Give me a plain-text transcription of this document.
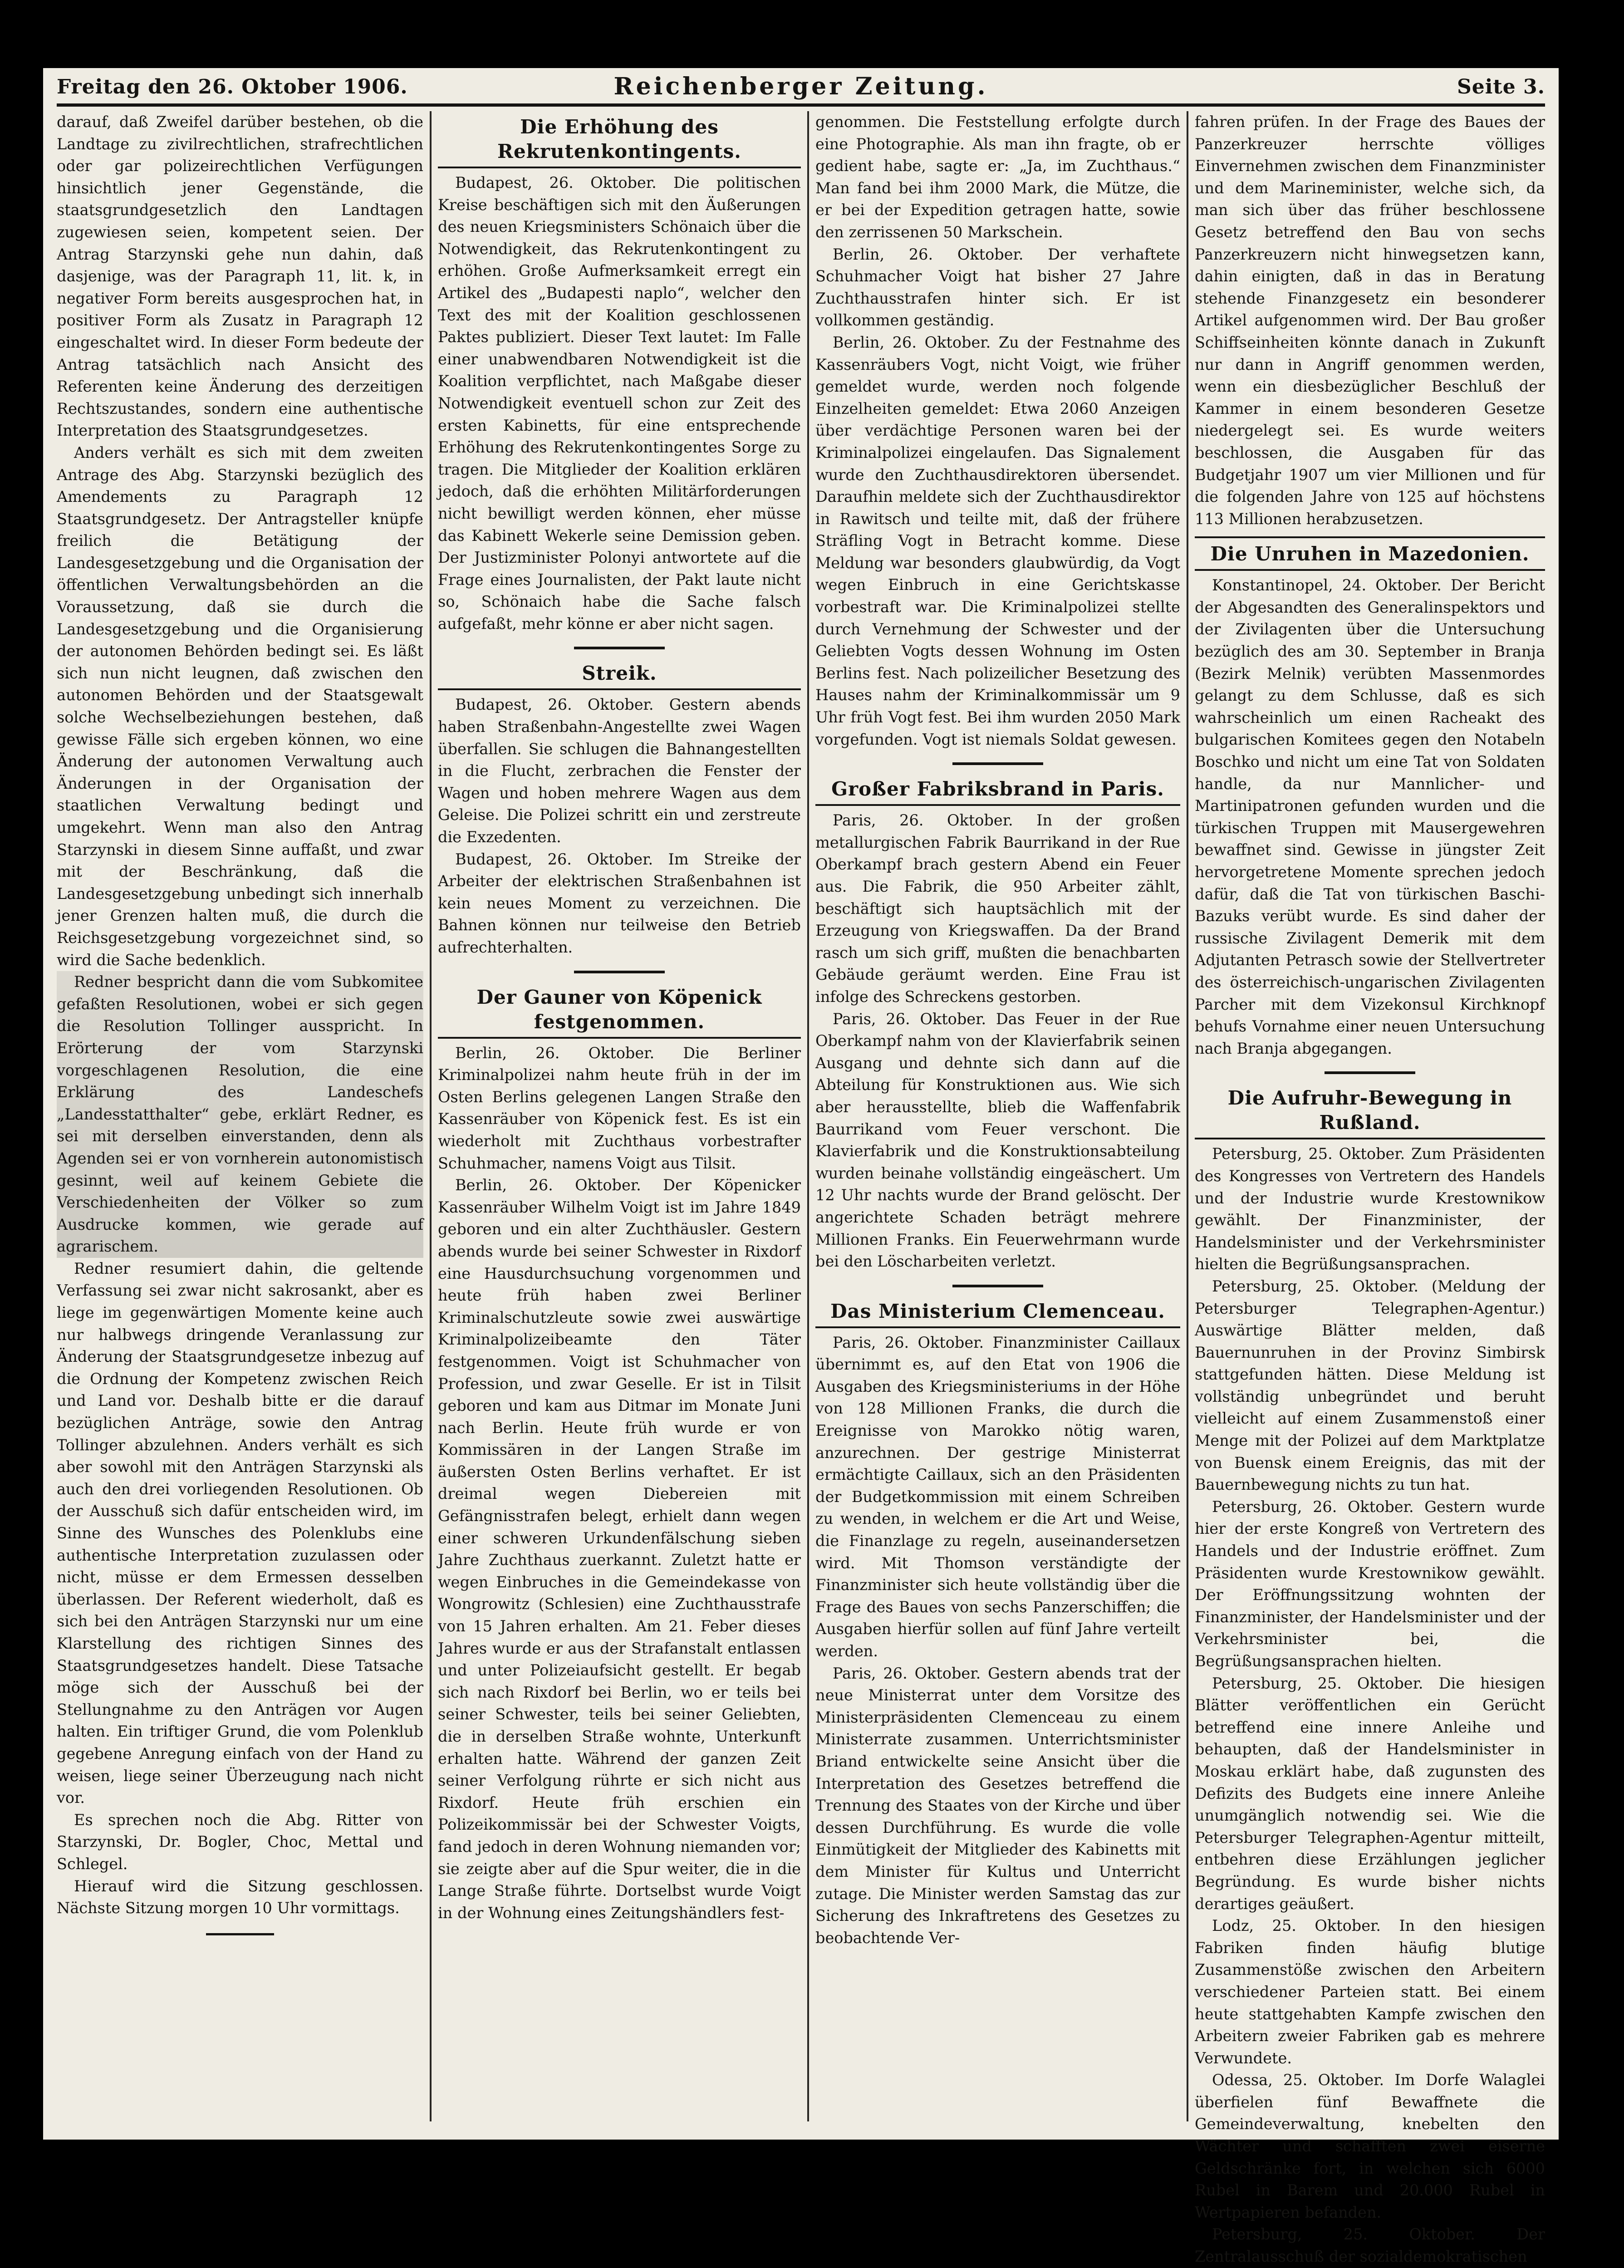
Freitag den 26. Oktober 1906.	Reichenberger Zeitung.	Seite 3.

darauf, daß Zweifel darüber bestehen, ob die Landtage zu zivilrechtlichen, strafrechtlichen oder gar polizeirechtlichen Verfügungen hinsichtlich jener Gegenstände, die staatsgrundgesetzlich den Landtagen zugewiesen seien, kompetent seien. Der Antrag Starzynski gehe nun dahin, daß dasjenige, was der Paragraph 11, lit. k, in negativer Form bereits ausgesprochen hat, in positiver Form als Zusatz in Paragraph 12 eingeschaltet wird. In dieser Form bedeute der Antrag tatsächlich nach Ansicht des Referenten keine Änderung des derzeitigen Rechtszustandes, sondern eine authentische Interpretation des Staatsgrundgesetzes.

Anders verhält es sich mit dem zweiten Antrage des Abg. Starzynski bezüglich des Amendements zu Paragraph 12 Staatsgrundgesetz. Der Antragsteller knüpfe freilich die Betätigung der Landesgesetzgebung und die Organisation der öffentlichen Verwaltungsbehörden an die Voraussetzung, daß sie durch die Landesgesetzgebung und die Organisierung der autonomen Behörden bedingt sei. Es läßt sich nun nicht leugnen, daß zwischen den autonomen Behörden und der Staatsgewalt solche Wechselbeziehungen bestehen, daß gewisse Fälle sich ergeben können, wo eine Änderung der autonomen Verwaltung auch Änderungen in der Organisation der staatlichen Verwaltung bedingt und umgekehrt. Wenn man also den Antrag Starzynski in diesem Sinne auffaßt, und zwar mit der Beschränkung, daß die Landesgesetzgebung unbedingt sich innerhalb jener Grenzen halten muß, die durch die Reichsgesetzgebung vorgezeichnet sind, so wird die Sache bedenklich.

Redner bespricht dann die vom Subkomitee gefaßten Resolutionen, wobei er sich gegen die Resolution Tollinger ausspricht. In Erörterung der vom Starzynski vorgeschlagenen Resolution, die eine Erklärung des Landeschefs „Landesstatthalter“ gebe, erklärt Redner, es sei mit derselben einverstanden, denn als Agenden sei er von vornherein autonomistisch gesinnt, weil auf keinem Gebiete die Verschiedenheiten der Völker so zum Ausdrucke kommen, wie gerade auf agrarischem.

Redner resumiert dahin, die geltende Verfassung sei zwar nicht sakrosankt, aber es liege im gegenwärtigen Momente keine auch nur halbwegs dringende Veranlassung zur Änderung der Staatsgrundgesetze inbezug auf die Ordnung der Kompetenz zwischen Reich und Land vor. Deshalb bitte er die darauf bezüglichen Anträge, sowie den Antrag Tollinger abzulehnen. Anders verhält es sich aber sowohl mit den Anträgen Starzynski als auch den drei vorliegenden Resolutionen. Ob der Ausschuß sich dafür entscheiden wird, im Sinne des Wunsches des Polenklubs eine authentische Interpretation zuzulassen oder nicht, müsse er dem Ermessen desselben überlassen. Der Referent wiederholt, daß es sich bei den Anträgen Starzynski nur um eine Klarstellung des richtigen Sinnes des Staatsgrundgesetzes handelt. Diese Tatsache möge sich der Ausschuß bei der Stellungnahme zu den Anträgen vor Augen halten. Ein triftiger Grund, die vom Polenklub gegebene Anregung einfach von der Hand zu weisen, liege seiner Überzeugung nach nicht vor.

Es sprechen noch die Abg. Ritter von Starzynski, Dr. Bogler, Choc, Mettal und Schlegel.

Hierauf wird die Sitzung geschlossen. Nächste Sitzung morgen 10 Uhr vormittags.

Die Erhöhung des Rekrutenkontingents.

Budapest, 26. Oktober. Die politischen Kreise beschäftigen sich mit den Äußerungen des neuen Kriegsministers Schönaich über die Notwendigkeit, das Rekrutenkontingent zu erhöhen. Große Aufmerksamkeit erregt ein Artikel des „Budapesti naplo“, welcher den Text des mit der Koalition geschlossenen Paktes publiziert. Dieser Text lautet: Im Falle einer unabwendbaren Notwendigkeit ist die Koalition verpflichtet, nach Maßgabe dieser Notwendigkeit eventuell schon zur Zeit des ersten Kabinetts, für eine entsprechende Erhöhung des Rekrutenkontingentes Sorge zu tragen. Die Mitglieder der Koalition erklären jedoch, daß die erhöhten Militärforderungen nicht bewilligt werden können, eher müsse das Kabinett Wekerle seine Demission geben. Der Justizminister Polonyi antwortete auf die Frage eines Journalisten, der Pakt laute nicht so, Schönaich habe die Sache falsch aufgefaßt, mehr könne er aber nicht sagen.

Streik.

Budapest, 26. Oktober. Gestern abends haben Straßenbahn-Angestellte zwei Wagen überfallen. Sie schlugen die Bahnangestellten in die Flucht, zerbrachen die Fenster der Wagen und hoben mehrere Wagen aus dem Geleise. Die Polizei schritt ein und zerstreute die Exzedenten.

Budapest, 26. Oktober. Im Streike der Arbeiter der elektrischen Straßenbahnen ist kein neues Moment zu verzeichnen. Die Bahnen können nur teilweise den Betrieb aufrechterhalten.

Der Gauner von Köpenick festgenommen.

Berlin, 26. Oktober. Die Berliner Kriminalpolizei nahm heute früh in der im Osten Berlins gelegenen Langen Straße den Kassenräuber von Köpenick fest. Es ist ein wiederholt mit Zuchthaus vorbestrafter Schuhmacher, namens Voigt aus Tilsit.

Berlin, 26. Oktober. Der Köpenicker Kassenräuber Wilhelm Voigt ist im Jahre 1849 geboren und ein alter Zuchthäusler. Gestern abends wurde bei seiner Schwester in Rixdorf eine Hausdurchsuchung vorgenommen und heute früh haben zwei Berliner Kriminalschutzleute sowie zwei auswärtige Kriminalpolizeibeamte den Täter festgenommen. Voigt ist Schuhmacher von Profession, und zwar Geselle. Er ist in Tilsit geboren und kam aus Ditmar im Monate Juni nach Berlin. Heute früh wurde er von Kommissären in der Langen Straße im äußersten Osten Berlins verhaftet. Er ist dreimal wegen Diebereien mit Gefängnisstrafen belegt, erhielt dann wegen einer schweren Urkundenfälschung sieben Jahre Zuchthaus zuerkannt. Zuletzt hatte er wegen Einbruches in die Gemeindekasse von Wongrowitz (Schlesien) eine Zuchthausstrafe von 15 Jahren erhalten. Am 21. Feber dieses Jahres wurde er aus der Strafanstalt entlassen und unter Polizeiaufsicht gestellt. Er begab sich nach Rixdorf bei Berlin, wo er teils bei seiner Schwester, teils bei seiner Geliebten, die in derselben Straße wohnte, Unterkunft erhalten hatte. Während der ganzen Zeit seiner Verfolgung rührte er sich nicht aus Rixdorf. Heute früh erschien ein Polizeikommissär bei der Schwester Voigts, fand jedoch in deren Wohnung niemanden vor; sie zeigte aber auf die Spur weiter, die in die Lange Straße führte. Dortselbst wurde Voigt in der Wohnung eines Zeitungshändlers fest-

genommen. Die Feststellung erfolgte durch eine Photographie. Als man ihn fragte, ob er gedient habe, sagte er: „Ja, im Zuchthaus.“ Man fand bei ihm 2000 Mark, die Mütze, die er bei der Expedition getragen hatte, sowie den zerrissenen 50 Markschein.

Berlin, 26. Oktober. Der verhaftete Schuhmacher Voigt hat bisher 27 Jahre Zuchthausstrafen hinter sich. Er ist vollkommen geständig.

Berlin, 26. Oktober. Zu der Festnahme des Kassenräubers Vogt, nicht Voigt, wie früher gemeldet wurde, werden noch folgende Einzelheiten gemeldet: Etwa 2060 Anzeigen über verdächtige Personen waren bei der Kriminalpolizei eingelaufen. Das Signalement wurde den Zuchthausdirektoren übersendet. Daraufhin meldete sich der Zuchthausdirektor in Rawitsch und teilte mit, daß der frühere Sträfling Vogt in Betracht komme. Diese Meldung war besonders glaubwürdig, da Vogt wegen Einbruch in eine Gerichtskasse vorbestraft war. Die Kriminalpolizei stellte durch Vernehmung der Schwester und der Geliebten Vogts dessen Wohnung im Osten Berlins fest. Nach polizeilicher Besetzung des Hauses nahm der Kriminalkommissär um 9 Uhr früh Vogt fest. Bei ihm wurden 2050 Mark vorgefunden. Vogt ist niemals Soldat gewesen.

Großer Fabriksbrand in Paris.

Paris, 26. Oktober. In der großen metallurgischen Fabrik Baurrikand in der Rue Oberkampf brach gestern Abend ein Feuer aus. Die Fabrik, die 950 Arbeiter zählt, beschäftigt sich hauptsächlich mit der Erzeugung von Kriegswaffen. Da der Brand rasch um sich griff, mußten die benachbarten Gebäude geräumt werden. Eine Frau ist infolge des Schreckens gestorben.

Paris, 26. Oktober. Das Feuer in der Rue Oberkampf nahm von der Klavierfabrik seinen Ausgang und dehnte sich dann auf die Abteilung für Konstruktionen aus. Wie sich aber herausstellte, blieb die Waffenfabrik Baurrikand vom Feuer verschont. Die Klavierfabrik und die Konstruktionsabteilung wurden beinahe vollständig eingeäschert. Um 12 Uhr nachts wurde der Brand gelöscht. Der angerichtete Schaden beträgt mehrere Millionen Franks. Ein Feuerwehrmann wurde bei den Löscharbeiten verletzt.

Das Ministerium Clemenceau.

Paris, 26. Oktober. Finanzminister Caillaux übernimmt es, auf den Etat von 1906 die Ausgaben des Kriegsministeriums in der Höhe von 128 Millionen Franks, die durch die Ereignisse von Marokko nötig waren, anzurechnen. Der gestrige Ministerrat ermächtigte Caillaux, sich an den Präsidenten der Budgetkommission mit einem Schreiben zu wenden, in welchem er die Art und Weise, die Finanzlage zu regeln, auseinandersetzen wird. Mit Thomson verständigte der Finanzminister sich heute vollständig über die Frage des Baues von sechs Panzerschiffen; die Ausgaben hierfür sollen auf fünf Jahre verteilt werden.

Paris, 26. Oktober. Gestern abends trat der neue Ministerrat unter dem Vorsitze des Ministerpräsidenten Clemenceau zu einem Ministerrate zusammen. Unterrichtsminister Briand entwickelte seine Ansicht über die Interpretation des Gesetzes betreffend die Trennung des Staates von der Kirche und über dessen Durchführung. Es wurde die volle Einmütigkeit der Mitglieder des Kabinetts mit dem Minister für Kultus und Unterricht zutage. Die Minister werden Samstag das zur Sicherung des Inkraftretens des Gesetzes zu beobachtende Ver-

fahren prüfen. In der Frage des Baues der Panzerkreuzer herrschte völliges Einvernehmen zwischen dem Finanzminister und dem Marineminister, welche sich, da man sich über das früher beschlossene Gesetz betreffend den Bau von sechs Panzerkreuzern nicht hinwegsetzen kann, dahin einigten, daß in das in Beratung stehende Finanzgesetz ein besonderer Artikel aufgenommen wird. Der Bau großer Schiffseinheiten könnte danach in Zukunft nur dann in Angriff genommen werden, wenn ein diesbezüglicher Beschluß der Kammer in einem besonderen Gesetze niedergelegt sei. Es wurde weiters beschlossen, die Ausgaben für das Budgetjahr 1907 um vier Millionen und für die folgenden Jahre von 125 auf höchstens 113 Millionen herabzusetzen.

Die Unruhen in Mazedonien.

Konstantinopel, 24. Oktober. Der Bericht der Abgesandten des Generalinspektors und der Zivilagenten über die Untersuchung bezüglich des am 30. September in Branja (Bezirk Melnik) verübten Massenmordes gelangt zu dem Schlusse, daß es sich wahrscheinlich um einen Racheakt des bulgarischen Komitees gegen den Notabeln Boschko und nicht um eine Tat von Soldaten handle, da nur Mannlicher- und Martinipatronen gefunden wurden und die türkischen Truppen mit Mausergewehren bewaffnet sind. Gewisse in jüngster Zeit hervorgetretene Momente sprechen jedoch dafür, daß die Tat von türkischen Baschi-Bazuks verübt wurde. Es sind daher der russische Zivilagent Demerik mit dem Adjutanten Petrasch sowie der Stellvertreter des österreichisch-ungarischen Zivilagenten Parcher mit dem Vizekonsul Kirchknopf behufs Vornahme einer neuen Untersuchung nach Branja abgegangen.

Die Aufruhr-Bewegung in Rußland.

Petersburg, 25. Oktober. Zum Präsidenten des Kongresses von Vertretern des Handels und der Industrie wurde Krestownikow gewählt. Der Finanzminister, der Handelsminister und der Verkehrsminister hielten die Begrüßungsansprachen.

Petersburg, 25. Oktober. (Meldung der Petersburger Telegraphen-Agentur.) Auswärtige Blätter melden, daß Bauernunruhen in der Provinz Simbirsk stattgefunden hätten. Diese Meldung ist vollständig unbegründet und beruht vielleicht auf einem Zusammenstoß einer Menge mit der Polizei auf dem Marktplatze von Buensk einem Ereignis, das mit der Bauernbewegung nichts zu tun hat.

Petersburg, 26. Oktober. Gestern wurde hier der erste Kongreß von Vertretern des Handels und der Industrie eröffnet. Zum Präsidenten wurde Krestownikow gewählt. Der Eröffnungssitzung wohnten der Finanzminister, der Handelsminister und der Verkehrsminister bei, die Begrüßungsansprachen hielten.

Petersburg, 25. Oktober. Die hiesigen Blätter veröffentlichen ein Gerücht betreffend eine innere Anleihe und behaupten, daß der Handelsminister in Moskau erklärt habe, daß zugunsten des Defizits des Budgets eine innere Anleihe unumgänglich notwendig sei. Wie die Petersburger Telegraphen-Agentur mitteilt, entbehren diese Erzählungen jeglicher Begründung. Es wurde bisher nichts derartiges geäußert.

Lodz, 25. Oktober. In den hiesigen Fabriken finden häufig blutige Zusammenstöße zwischen den Arbeitern verschiedener Parteien statt. Bei einem heute stattgehabten Kampfe zwischen den Arbeitern zweier Fabriken gab es mehrere Verwundete.

Odessa, 25. Oktober. Im Dorfe Walaglei überfielen fünf Bewaffnete die Gemeindeverwaltung, knebelten den Wächter und schafften zwei eiserne Geldschränke fort, in welchen sich 6000 Rubel in Barem und 20.000 Rubel in Wertpapieren befanden.

Petersburg, 25. Oktober. Der Zentralausschuß der sozialdemokratischen
